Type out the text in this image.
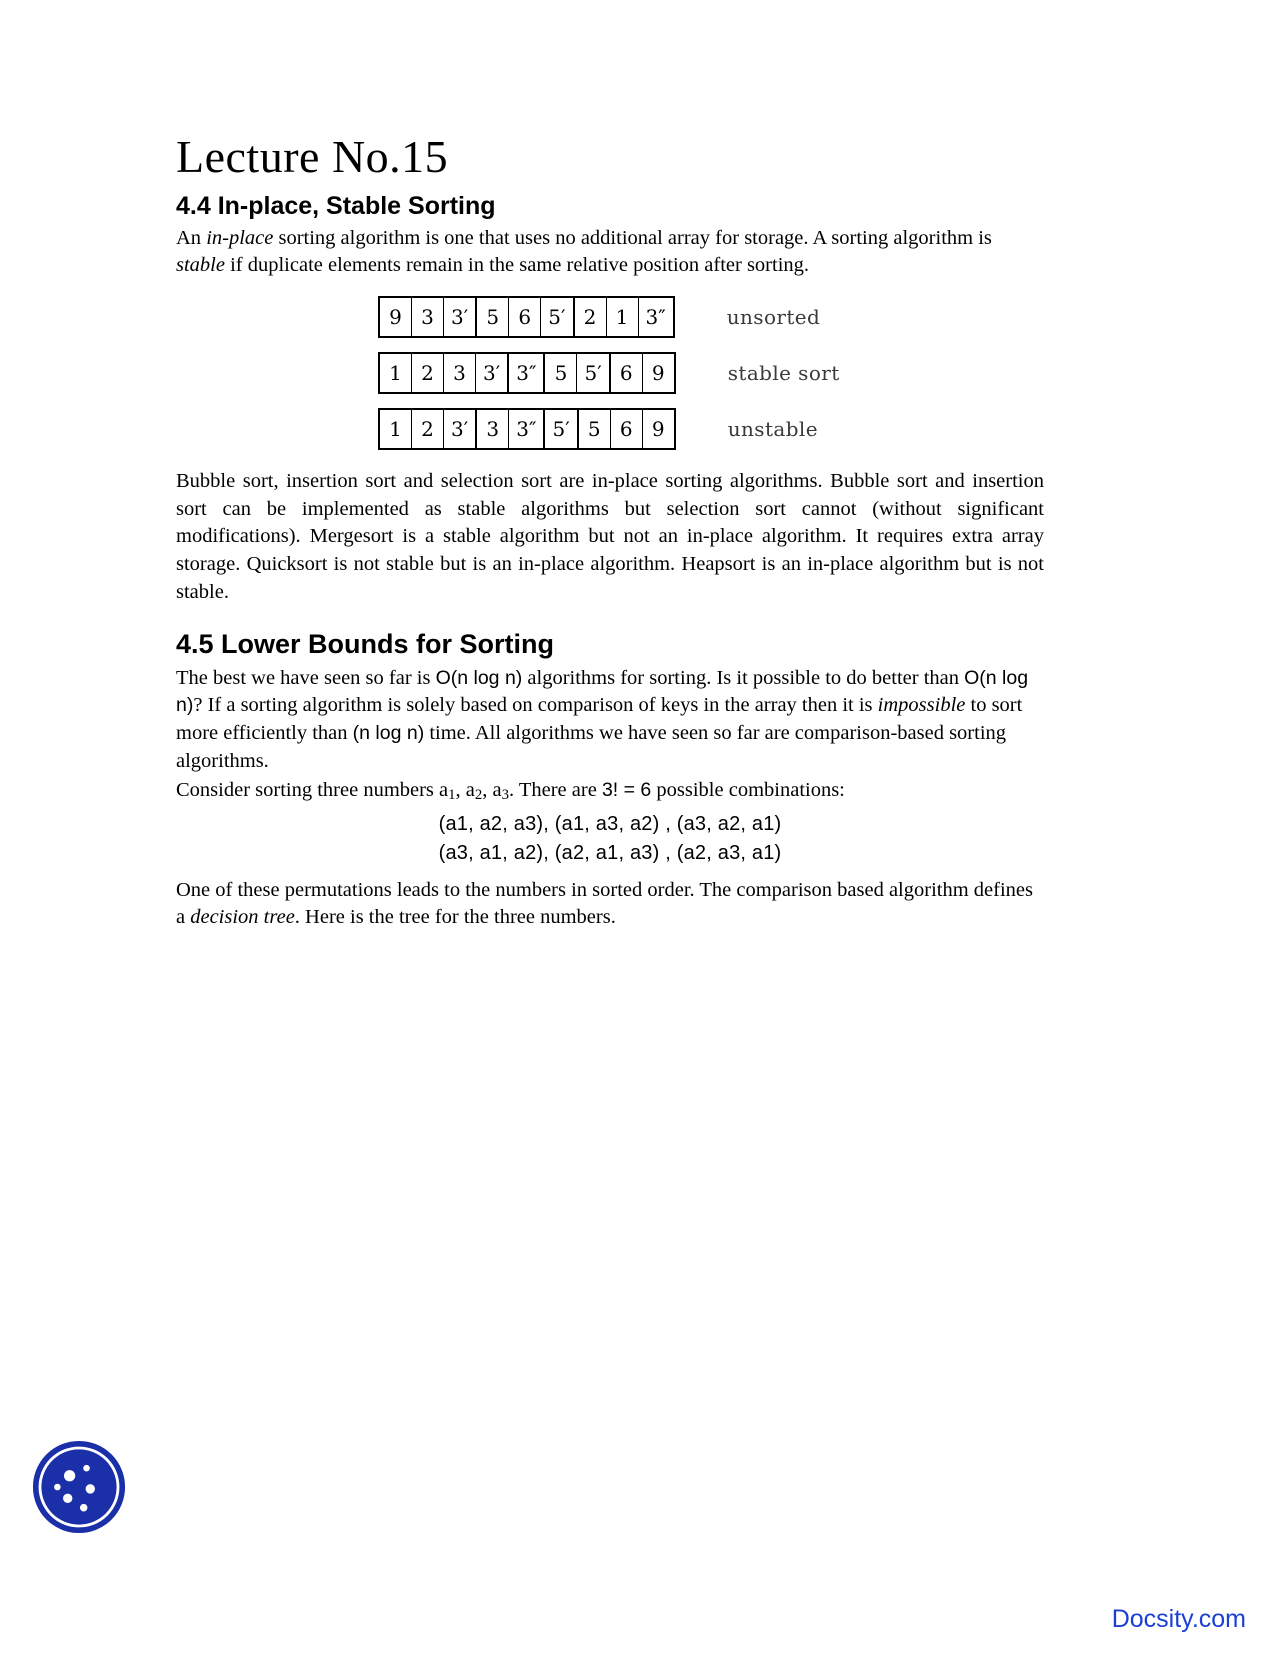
Lecture No.15
4.4 In-place, Stable Sorting

An in-place sorting algorithm is one that uses no additional array for storage. A sorting algorithm is stable if duplicate elements remain in the same relative position after sorting.

9 3 3′ 5 6 5′ 2 1 3″	unsorted
1 2 3 3′ 3″ 5 5′ 6 9	stable sort
1 2 3′ 3 3″ 5′ 5 6 9	unstable

Bubble sort, insertion sort and selection sort are in-place sorting algorithms. Bubble sort and insertion sort can be implemented as stable algorithms but selection sort cannot (without significant modifications). Mergesort is a stable algorithm but not an in-place algorithm. It requires extra array storage. Quicksort is not stable but is an in-place algorithm. Heapsort is an in-place algorithm but is not stable.

4.5 Lower Bounds for Sorting

The best we have seen so far is O(n log n) algorithms for sorting. Is it possible to do better than O(n log n)? If a sorting algorithm is solely based on comparison of keys in the array then it is impossible to sort more efficiently than (n log n) time. All algorithms we have seen so far are comparison-based sorting algorithms.

Consider sorting three numbers $a_1$, $a_2$, $a_3$. There are 3! = 6 possible combinations:

(a1, a2, a3), (a1, a3, a2) , (a3, a2, a1)
(a3, a1, a2), (a2, a1, a3) , (a2, a3, a1)

One of these permutations leads to the numbers in sorted order. The comparison based algorithm defines a decision tree. Here is the tree for the three numbers.

Docsity.com
